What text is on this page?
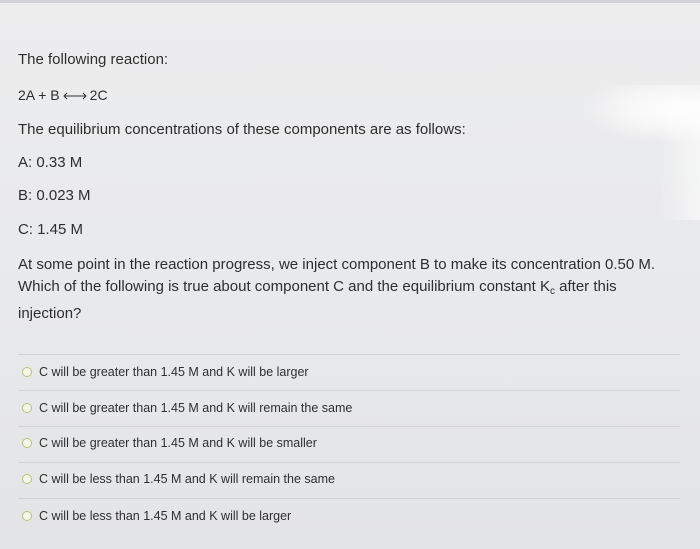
The following reaction:
2A + B 2C
The equilibrium concentrations of these components are as follows:
A: 0.33 M
B: 0.023 M
C: 1.45 M
At some point in the reaction progress, we inject component B to make its concentration 0.50 M. Which of the following is true about component C and the equilibrium constant $K_c$ after this injection?
C will be greater than 1.45 M and K will be larger
C will be greater than 1.45 M and K will remain the same
C will be greater than 1.45 M and K will be smaller
C will be less than 1.45 M and K will remain the same
C will be less than 1.45 M and K will be larger
